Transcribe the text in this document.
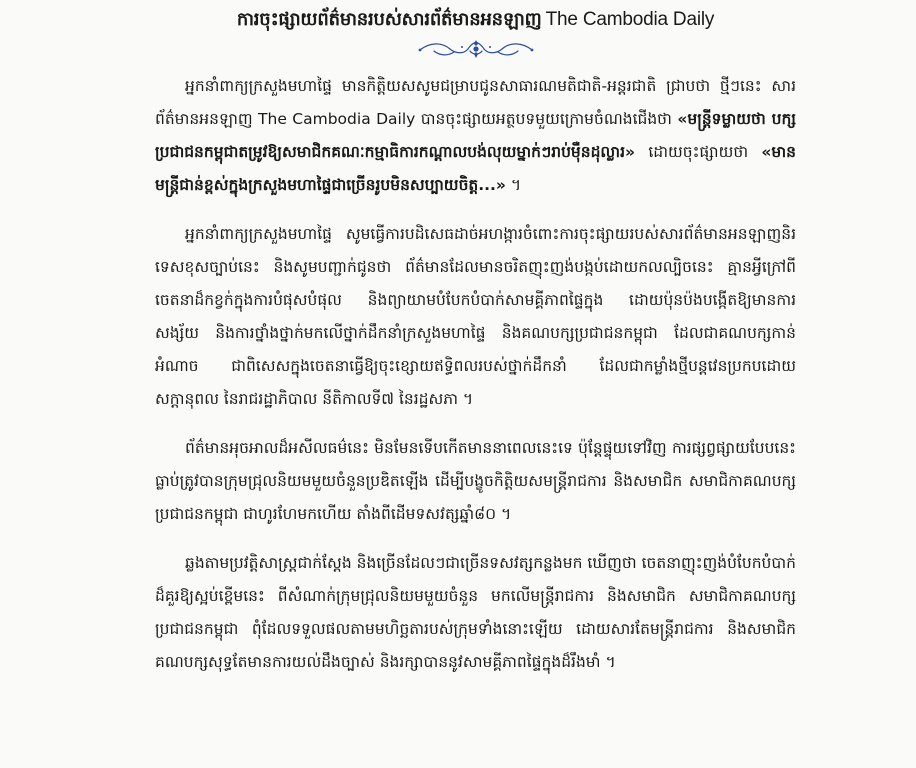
ការចុះផ្សាយព័ត៌មានរបស់សារព័ត៌មានអនឡាញ The Cambodia Daily

អ្នកនាំពាក្យក្រសួងមហាផ្ទៃ មានកិត្តិយសសូមជម្រាបជូនសាធារណមតិជាតិ-អន្តរជាតិ ជ្រាបថា ថ្មីៗនេះ សារព័ត៌មានអនឡាញ The Cambodia Daily បានចុះផ្សាយអត្ថបទមួយក្រោមចំណងជើងថា «មន្ត្រីទម្លាយថា បក្សប្រជាជនកម្ពុជាតម្រូវឱ្យសមាជិកគណៈកម្មាធិការកណ្តាលបង់លុយម្នាក់ៗរាប់ម៉ឺនដុល្លារ» ដោយចុះផ្សាយថា «មានមន្ត្រីជាន់ខ្ពស់ក្នុងក្រសួងមហាផ្ទៃជាច្រើនរូបមិនសប្បាយចិត្ត...» ។

អ្នកនាំពាក្យក្រសួងមហាផ្ទៃ សូមធ្វើការបដិសេធដាច់អហង្ការចំពោះការចុះផ្សាយរបស់សារព័ត៌មានអនឡាញនិរទេសខុសច្បាប់នេះ និងសូមបញ្ជាក់ជូនថា ព័ត៌មានដែលមានចរិតញុះញង់បង្កប់ដោយកលល្បិចនេះ គ្មានអ្វីក្រៅពីចេតនាដ៏កខ្វក់ក្នុងការបំផុសបំផុល និងព្យាយាមបំបែកបំបាក់សាមគ្គីភាពផ្ទៃក្នុង ដោយប៉ុនប៉ងបង្កើតឱ្យមានការសង្ស័យ និងការថ្នាំងថ្នាក់មកលើថ្នាក់ដឹកនាំក្រសួងមហាផ្ទៃ និងគណបក្សប្រជាជនកម្ពុជា ដែលជាគណបក្សកាន់អំណាច ជាពិសេសក្នុងចេតនាធ្វើឱ្យចុះខ្សោយឥទ្ធិពលរបស់ថ្នាក់ដឹកនាំ ដែលជាកម្លាំងថ្មីបន្តវេនប្រកបដោយសក្តានុពល នៃរាជរដ្ឋាភិបាល នីតិកាលទី៧ នៃរដ្ឋសភា ។

ព័ត៌មានអុចអាលដ៏អសីលធម៌នេះ មិនមែនទើបកើតមាននាពេលនេះទេ ប៉ុន្តែផ្ទុយទៅវិញ ការផ្សព្វផ្សាយបែបនេះ ធ្លាប់ត្រូវបានក្រុមជ្រុលនិយមមួយចំនួនប្រឌិតឡើង ដើម្បីបង្ខូចកិត្តិយសមន្ត្រីរាជការ និងសមាជិក សមាជិកាគណបក្សប្រជាជនកម្ពុជា ជាហូរហែមកហើយ តាំងពីដើមទសវត្សឆ្នាំ៨០ ។

ឆ្លងតាមប្រវត្តិសាស្ត្រជាក់ស្តែង និងច្រើនដែលៗជាច្រើនទសវត្សកន្លងមក ឃើញថា ចេតនាញុះញង់បំបែកបំបាក់ដ៏គួរឱ្យស្អប់ខ្ពើមនេះ ពីសំណាក់ក្រុមជ្រុលនិយមមួយចំនួន មកលើមន្ត្រីរាជការ និងសមាជិក សមាជិកាគណបក្សប្រជាជនកម្ពុជា ពុំដែលទទួលផលតាមមហិច្ឆតារបស់ក្រុមទាំងនោះឡើយ ដោយសារតែមន្ត្រីរាជការ និងសមាជិកគណបក្សសុទ្ធតែមានការយល់ដឹងច្បាស់ និងរក្សាបាននូវសាមគ្គីភាពផ្ទៃក្នុងដ៏រឹងមាំ ។
